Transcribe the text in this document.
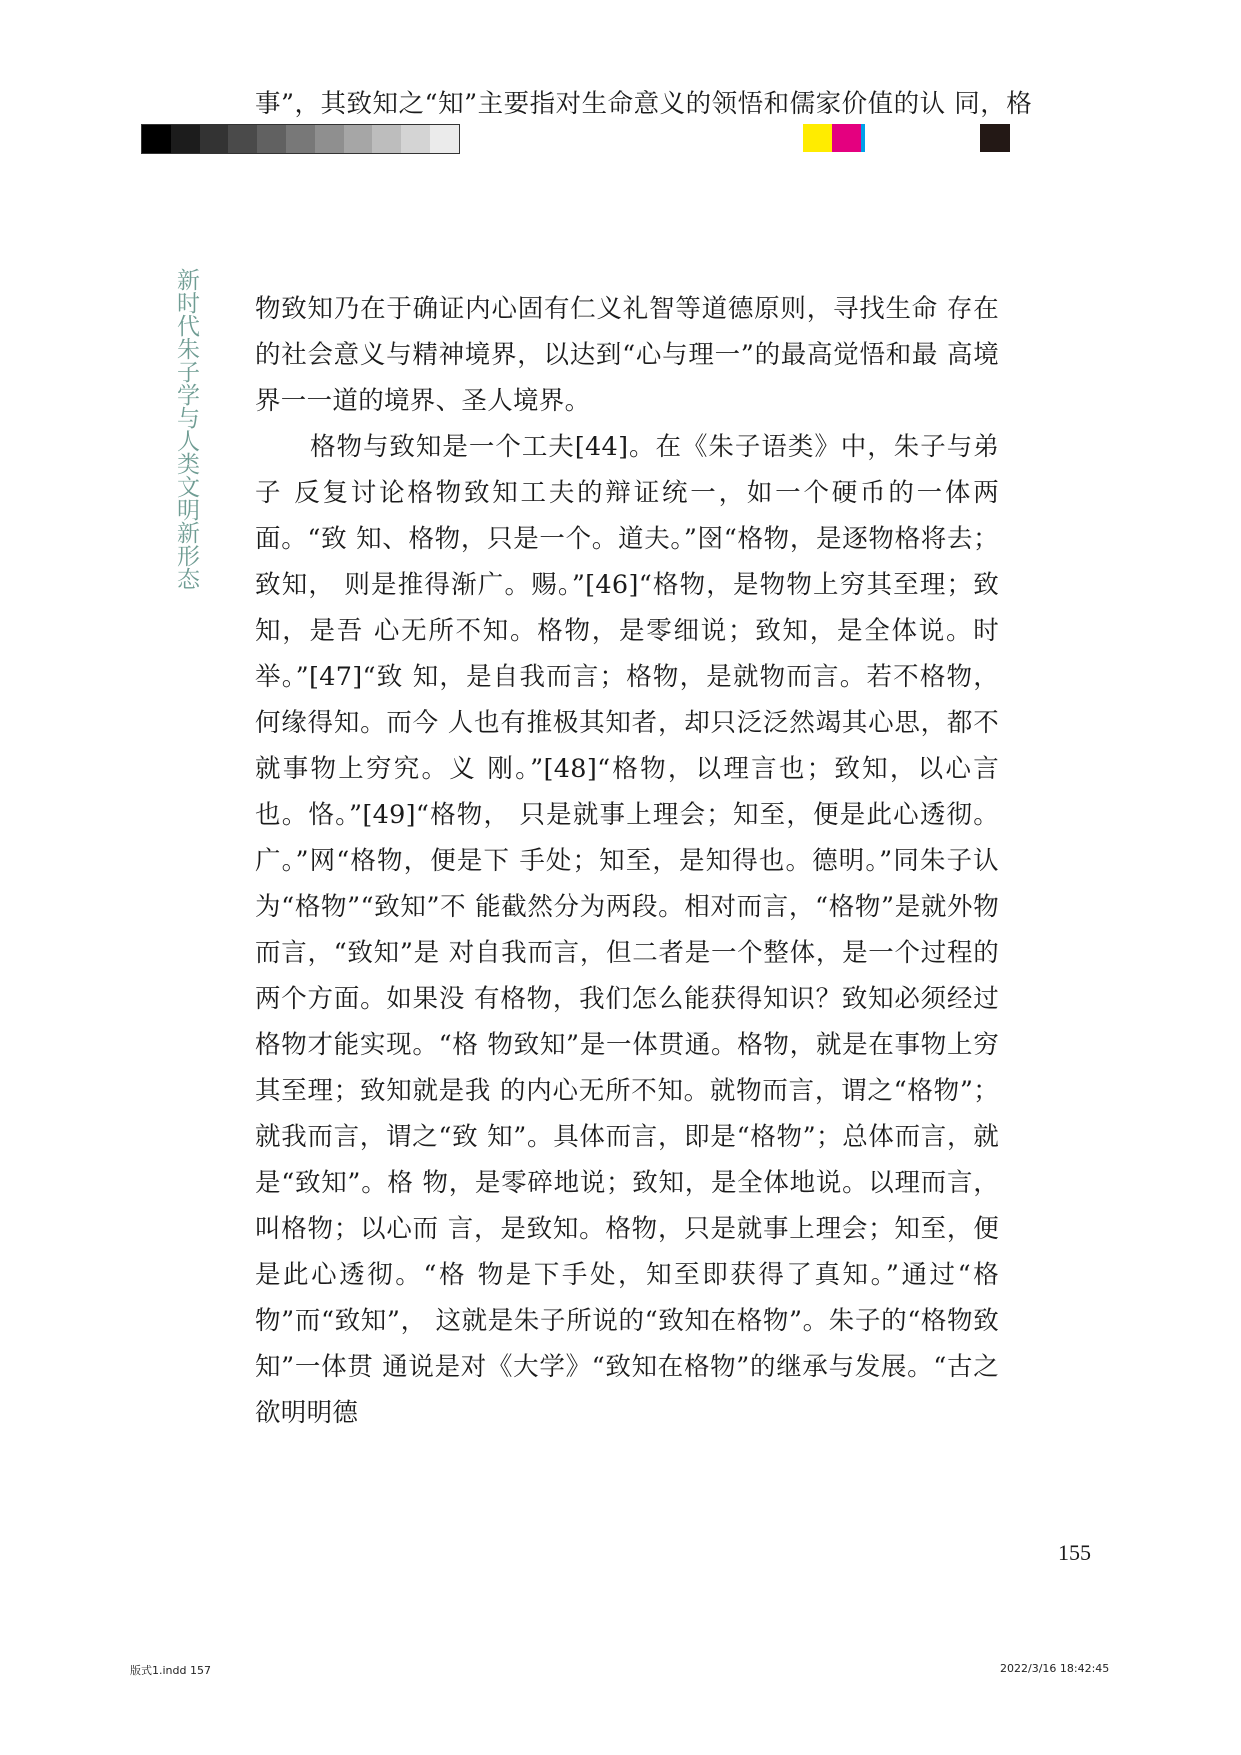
事”，其致知之“知”主要指对生命意义的领悟和儒家价值的认 同，格
新时代朱子学与人类文明新形态 物致知乃在于确证内心固有仁义礼智等道德原则，寻找生命 存在的社会意义与精神境界，以达到“心与理一”的最高觉悟和最 高境界一一道的境界、圣人境界。

格物与致知是一个工夫[44]。在《朱子语类》中，朱子与弟子 反复讨论格物致知工夫的辩证统一，如一个硬币的一体两面。“致 知、格物，只是一个。道夫。”囹“格物，是逐物格将去；致知， 则是推得渐广。赐。”[46]“格物，是物物上穷其至理；致知，是吾 心无所不知。格物，是零细说；致知，是全体说。时举。”[47]“致 知，是自我而言；格物，是就物而言。若不格物，何缘得知。而今 人也有推极其知者，却只泛泛然竭其心思，都不就事物上穷究。义 刚。”[48]“格物，以理言也；致知，以心言也。恪。”[49]“格物， 只是就事上理会；知至，便是此心透彻。广。”网“格物，便是下 手处；知至，是知得也。德明。”同朱子认为“格物”“致知”不 能截然分为两段。相对而言，“格物”是就外物而言，“致知”是 对自我而言，但二者是一个整体，是一个过程的两个方面。如果没 有格物，我们怎么能获得知识？致知必须经过格物才能实现。“格 物致知”是一体贯通。格物，就是在事物上穷其至理；致知就是我 的内心无所不知。就物而言，谓之“格物”；就我而言，谓之“致 知”。具体而言，即是“格物”；总体而言，就是“致知”。格 物，是零碎地说；致知，是全体地说。以理而言，叫格物；以心而 言，是致知。格物，只是就事上理会；知至，便是此心透彻。“格 物是下手处，知至即获得了真知。”通过“格物”而“致知”， 这就是朱子所说的“致知在格物”。朱子的“格物致知”一体贯 通说是对《大学》“致知在格物”的继承与发展。“古之欲明明德

155
版式1.indd 157	2022/3/16 18:42:45
